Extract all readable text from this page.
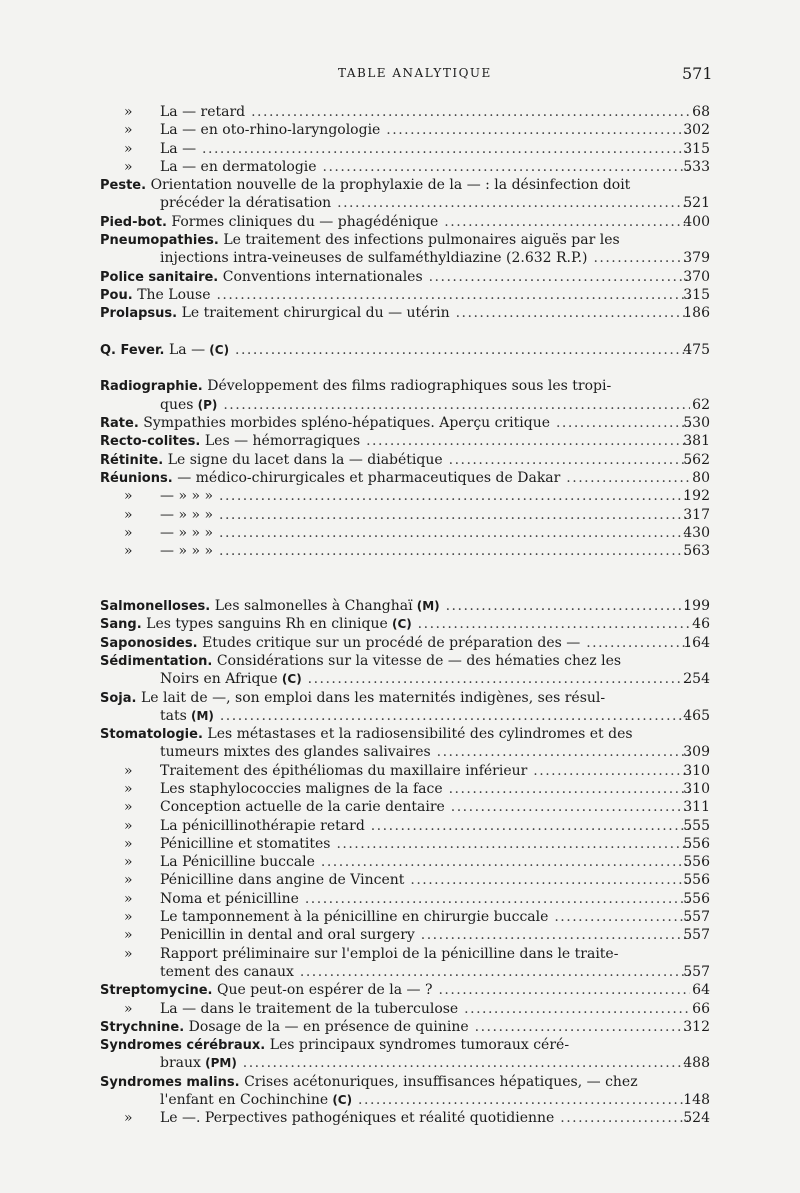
TABLE ANALYTIQUE	571
» La — retard .....	68
» La — en oto-rhino-laryngologie .....	302
» La — .....	315
» La — en dermatologie .....	533
Peste. Orientation nouvelle de la prophylaxie de la — : la désinfection doit
précéder la dératisation .....	521
Pied-bot. Formes cliniques du — phagédénique .....	400
Pneumopathies. Le traitement des infections pulmonaires aiguës par les
injections intra-veineuses de sulfaméthyldiazine (2.632 R.P.) .....	379
Police sanitaire. Conventions internationales .....	370
Pou. The Louse .....	315
Prolapsus. Le traitement chirurgical du — utérin .....	186
Q. Fever. La — (C) .....	475
Radiographie. Développement des films radiographiques sous les tropi-
ques (P) .....	62
Rate. Sympathies morbides spléno-hépatiques. Aperçu critique .....	530
Recto-colites. Les — hémorragiques .....	381
Rétinite. Le signe du lacet dans la — diabétique .....	562
Réunions. — médico-chirurgicales et pharmaceutiques de Dakar .....	80
» — » » » .....	192
» — » » » .....	317
» — » » » .....	430
» — » » » .....	563
Salmonelloses. Les salmonelles à Changhaï (M) .....	199
Sang. Les types sanguins Rh en clinique (C) .....	46
Saponosides. Etudes critique sur un procédé de préparation des — .....	164
Sédimentation. Considérations sur la vitesse de — des hématies chez les
Noirs en Afrique (C) .....	254
Soja. Le lait de —, son emploi dans les maternités indigènes, ses résul-
tats (M) .....	465
Stomatologie. Les métastases et la radiosensibilité des cylindromes et des
tumeurs mixtes des glandes salivaires .....	309
» Traitement des épithéliomas du maxillaire inférieur .....	310
» Les staphylococcies malignes de la face .....	310
» Conception actuelle de la carie dentaire .....	311
» La pénicillinothérapie retard .....	555
» Pénicilline et stomatites .....	556
» La Pénicilline buccale .....	556
» Pénicilline dans angine de Vincent .....	556
» Noma et pénicilline .....	556
» Le tamponnement à la pénicilline en chirurgie buccale .....	557
» Penicillin in dental and oral surgery .....	557
» Rapport préliminaire sur l'emploi de la pénicilline dans le traite-
tement des canaux .....	557
Streptomycine. Que peut-on espérer de la — ? .....	64
» La — dans le traitement de la tuberculose .....	66
Strychnine. Dosage de la — en présence de quinine .....	312
Syndromes cérébraux. Les principaux syndromes tumoraux céré-
braux (PM) .....	488
Syndromes malins. Crises acétonuriques, insuffisances hépatiques, — chez
l'enfant en Cochinchine (C) .....	148
» Le —. Perpectives pathogéniques et réalité quotidienne .....	524
